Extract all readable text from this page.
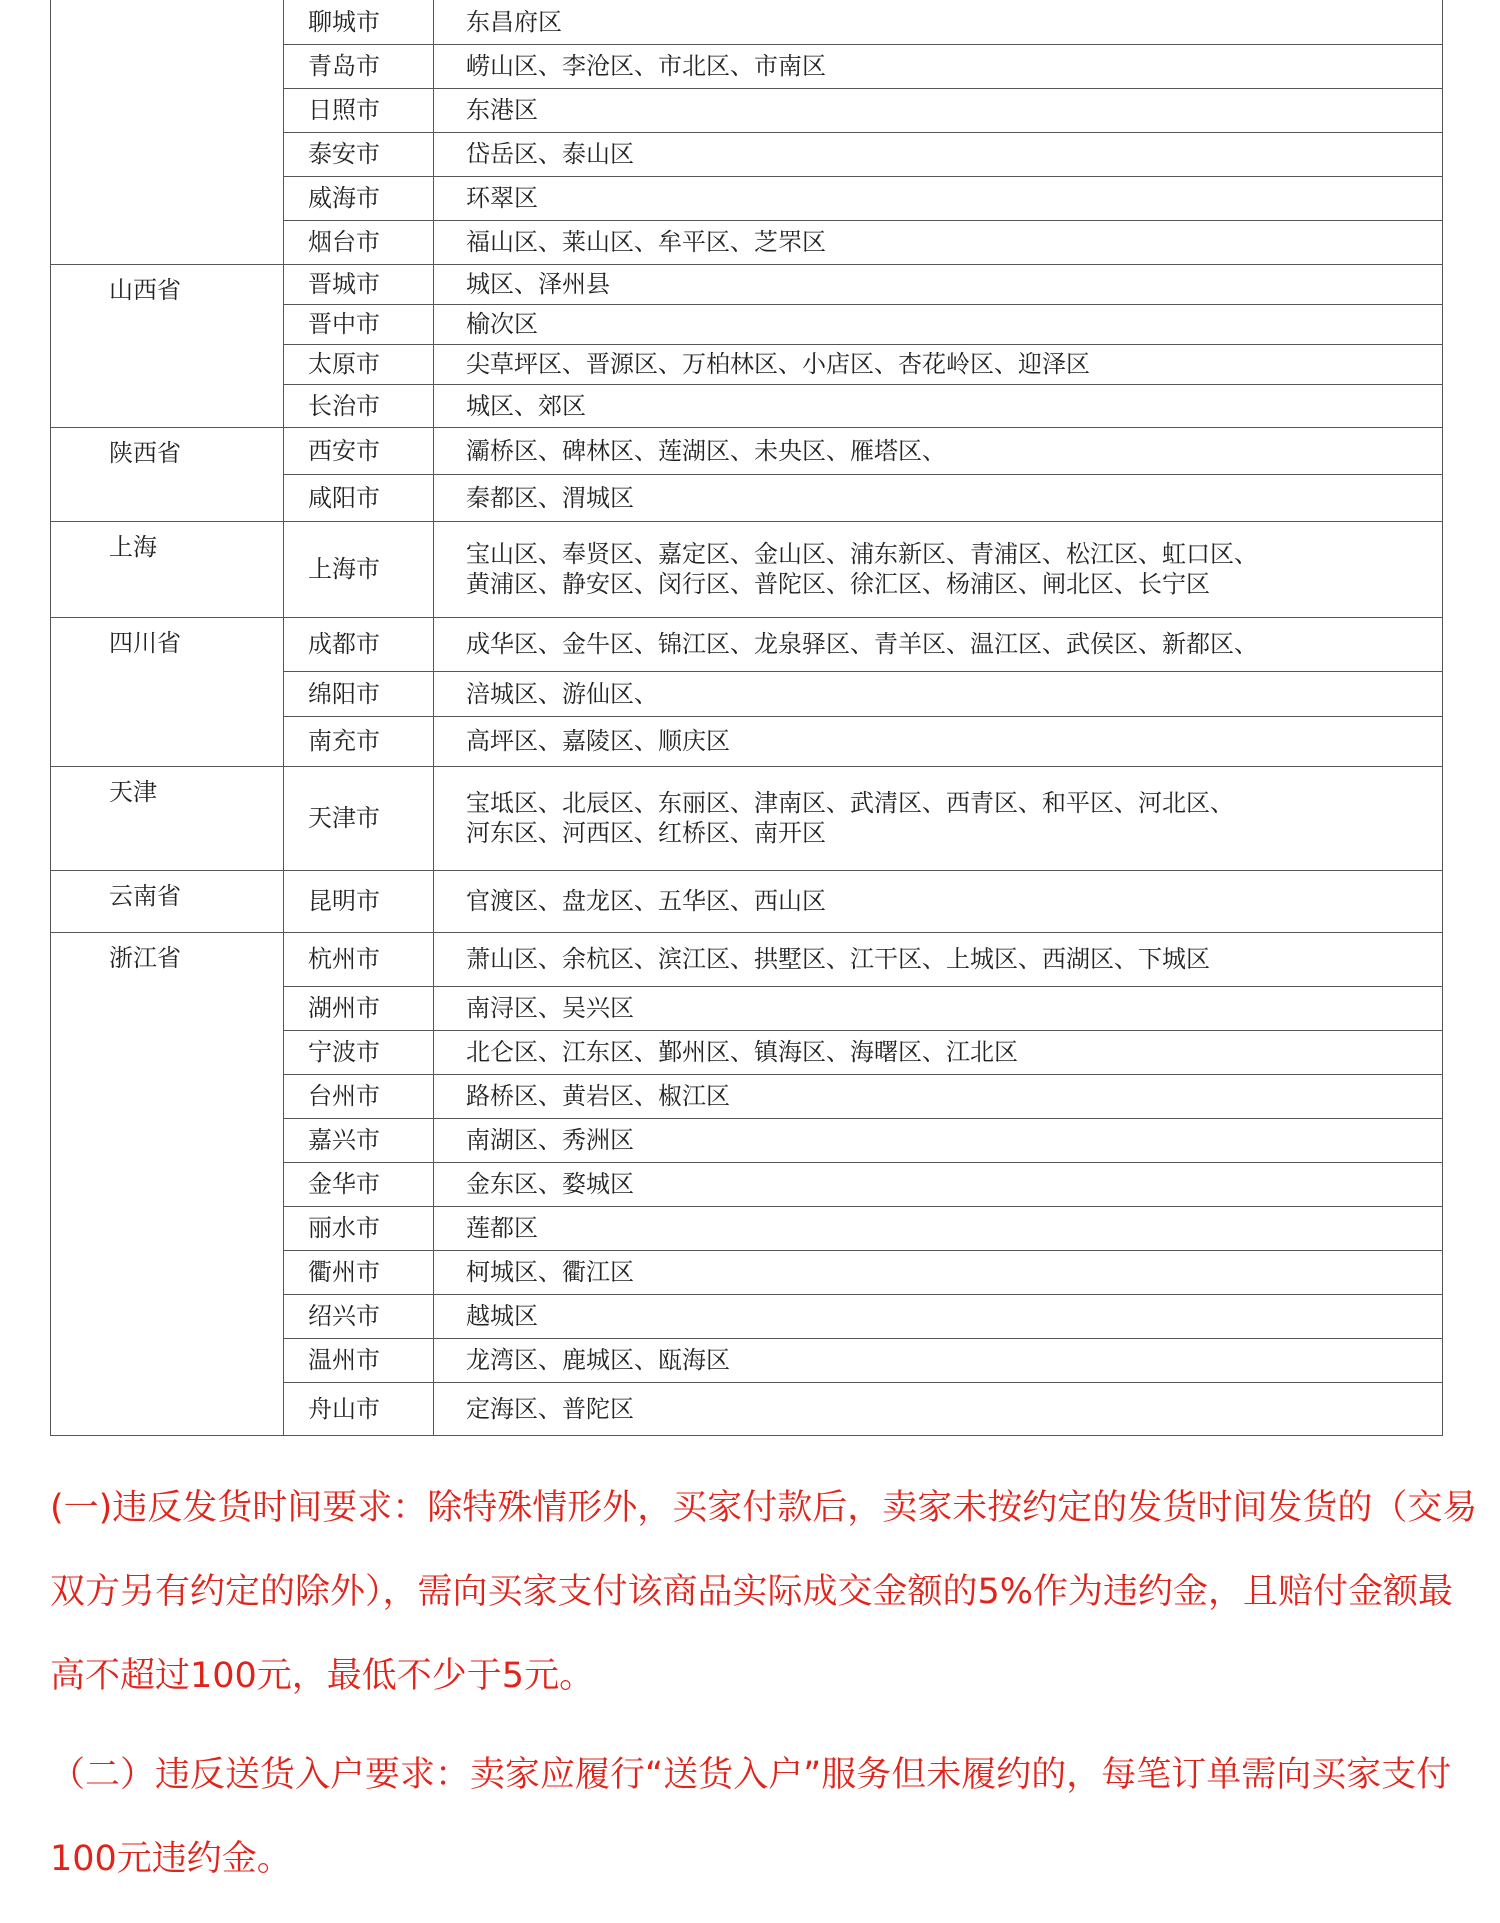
	聊城市	东昌府区
	青岛市	崂山区、李沧区、市北区、市南区
	日照市	东港区
	泰安市	岱岳区、泰山区
	威海市	环翠区
	烟台市	福山区、莱山区、牟平区、芝罘区
山西省	晋城市	城区、泽州县
	晋中市	榆次区
	太原市	尖草坪区、晋源区、万柏林区、小店区、杏花岭区、迎泽区
	长治市	城区、郊区
陕西省	西安市	灞桥区、碑林区、莲湖区、未央区、雁塔区、
	咸阳市	秦都区、渭城区
上海	上海市	宝山区、奉贤区、嘉定区、金山区、浦东新区、青浦区、松江区、虹口区、
黄浦区、静安区、闵行区、普陀区、徐汇区、杨浦区、闸北区、长宁区
四川省	成都市	成华区、金牛区、锦江区、龙泉驿区、青羊区、温江区、武侯区、新都区、
	绵阳市	涪城区、游仙区、
	南充市	高坪区、嘉陵区、顺庆区
天津	天津市	宝坻区、北辰区、东丽区、津南区、武清区、西青区、和平区、河北区、
河东区、河西区、红桥区、南开区
云南省	昆明市	官渡区、盘龙区、五华区、西山区
浙江省	杭州市	萧山区、余杭区、滨江区、拱墅区、江干区、上城区、西湖区、下城区
	湖州市	南浔区、吴兴区
	宁波市	北仑区、江东区、鄞州区、镇海区、海曙区、江北区
	台州市	路桥区、黄岩区、椒江区
	嘉兴市	南湖区、秀洲区
	金华市	金东区、婺城区
	丽水市	莲都区
	衢州市	柯城区、衢江区
	绍兴市	越城区
	温州市	龙湾区、鹿城区、瓯海区
	舟山市	定海区、普陀区

(一)违反发货时间要求：除特殊情形外，买家付款后，卖家未按约定的发货时间发货的（交易双方另有约定的除外），需向买家支付该商品实际成交金额的5%作为违约金，且赔付金额最高不超过100元，最低不少于5元。

（二）违反送货入户要求：卖家应履行“送货入户”服务但未履约的，每笔订单需向买家支付100元违约金。
